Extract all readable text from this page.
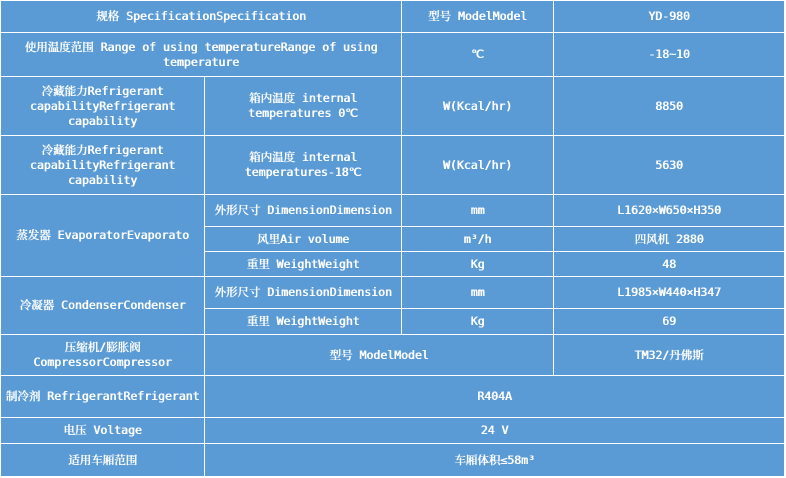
规格 SpecificationSpecification		型号 ModelModel	YD-980
使用温度范围 Range of using temperatureRange of using temperature		℃	-18~10
冷藏能力Refrigerant capabilityRefrigerant capability	箱内温度 internal temperatures 0℃	W(Kcal/hr)	8850
冷藏能力Refrigerant capabilityRefrigerant capability	箱内温度 internal temperatures-18℃	W(Kcal/hr)	5630
蒸发器 EvaporatorEvaporato	外形尺寸 DimensionDimension	mm	L1620×W650×H350
	风里Air volume	m³/h	四风机 2880
	重里 WeightWeight	Kg	48
冷凝器 CondenserCondenser	外形尺寸 DimensionDimension	mm	L1985×W440×H347
	重里 WeightWeight	Kg	69
压缩机/膨胀阀 CompressorCompressor	型号 ModelModel		TM32/丹佛斯
制冷剂 RefrigerantRefrigerant	R404A		
电压 Voltage	24 V		
适用车厢范围	车厢体积≤58m³		
